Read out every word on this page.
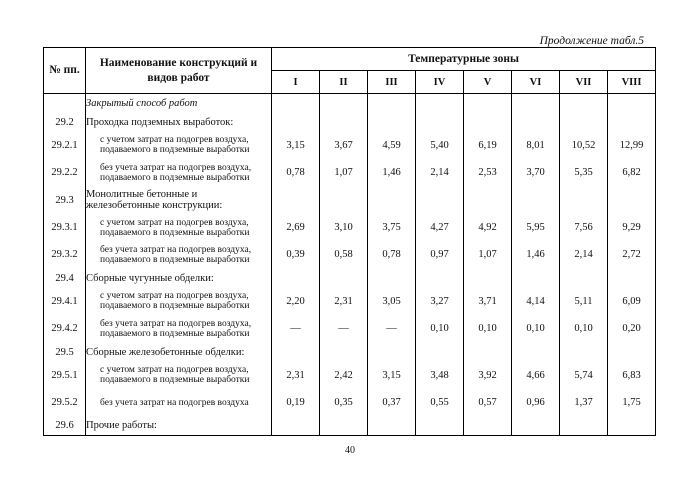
Продолжение табл.5
№ пп.	Наименование конструкций и видов работ	Температурные зоны							
		I	II	III	IV	V	VI	VII	VIII
	Закрытый способ работ								
29.2	Проходка подземных выработок:								
29.2.1	с учетом затрат на подогрев воздуха, подаваемого в подземные выработки	3,15	3,67	4,59	5,40	6,19	8,01	10,52	12,99
29.2.2	без учета затрат на подогрев воздуха, подаваемого в подземные выработки	0,78	1,07	1,46	2,14	2,53	3,70	5,35	6,82
29.3	Монолитные бетонные и железобетонные конструкции:								
29.3.1	с учетом затрат на подогрев воздуха, подаваемого в подземные выработки	2,69	3,10	3,75	4,27	4,92	5,95	7,56	9,29
29.3.2	без учета затрат на подогрев воздуха, подаваемого в подземные выработки	0,39	0,58	0,78	0,97	1,07	1,46	2,14	2,72
29.4	Сборные чугунные обделки:								
29.4.1	с учетом затрат на подогрев воздуха, подаваемого в подземные выработки	2,20	2,31	3,05	3,27	3,71	4,14	5,11	6,09
29.4.2	без учета затрат на подогрев воздуха, подаваемого в подземные выработки	—	—	—	0,10	0,10	0,10	0,10	0,20
29.5	Сборные железобетонные обделки:								
29.5.1	с учетом затрат на подогрев воздуха, подаваемого в подземные выработки	2,31	2,42	3,15	3,48	3,92	4,66	5,74	6,83
29.5.2	без учета затрат на подогрев воздуха	0,19	0,35	0,37	0,55	0,57	0,96	1,37	1,75
29.6	Прочие работы:								
40
